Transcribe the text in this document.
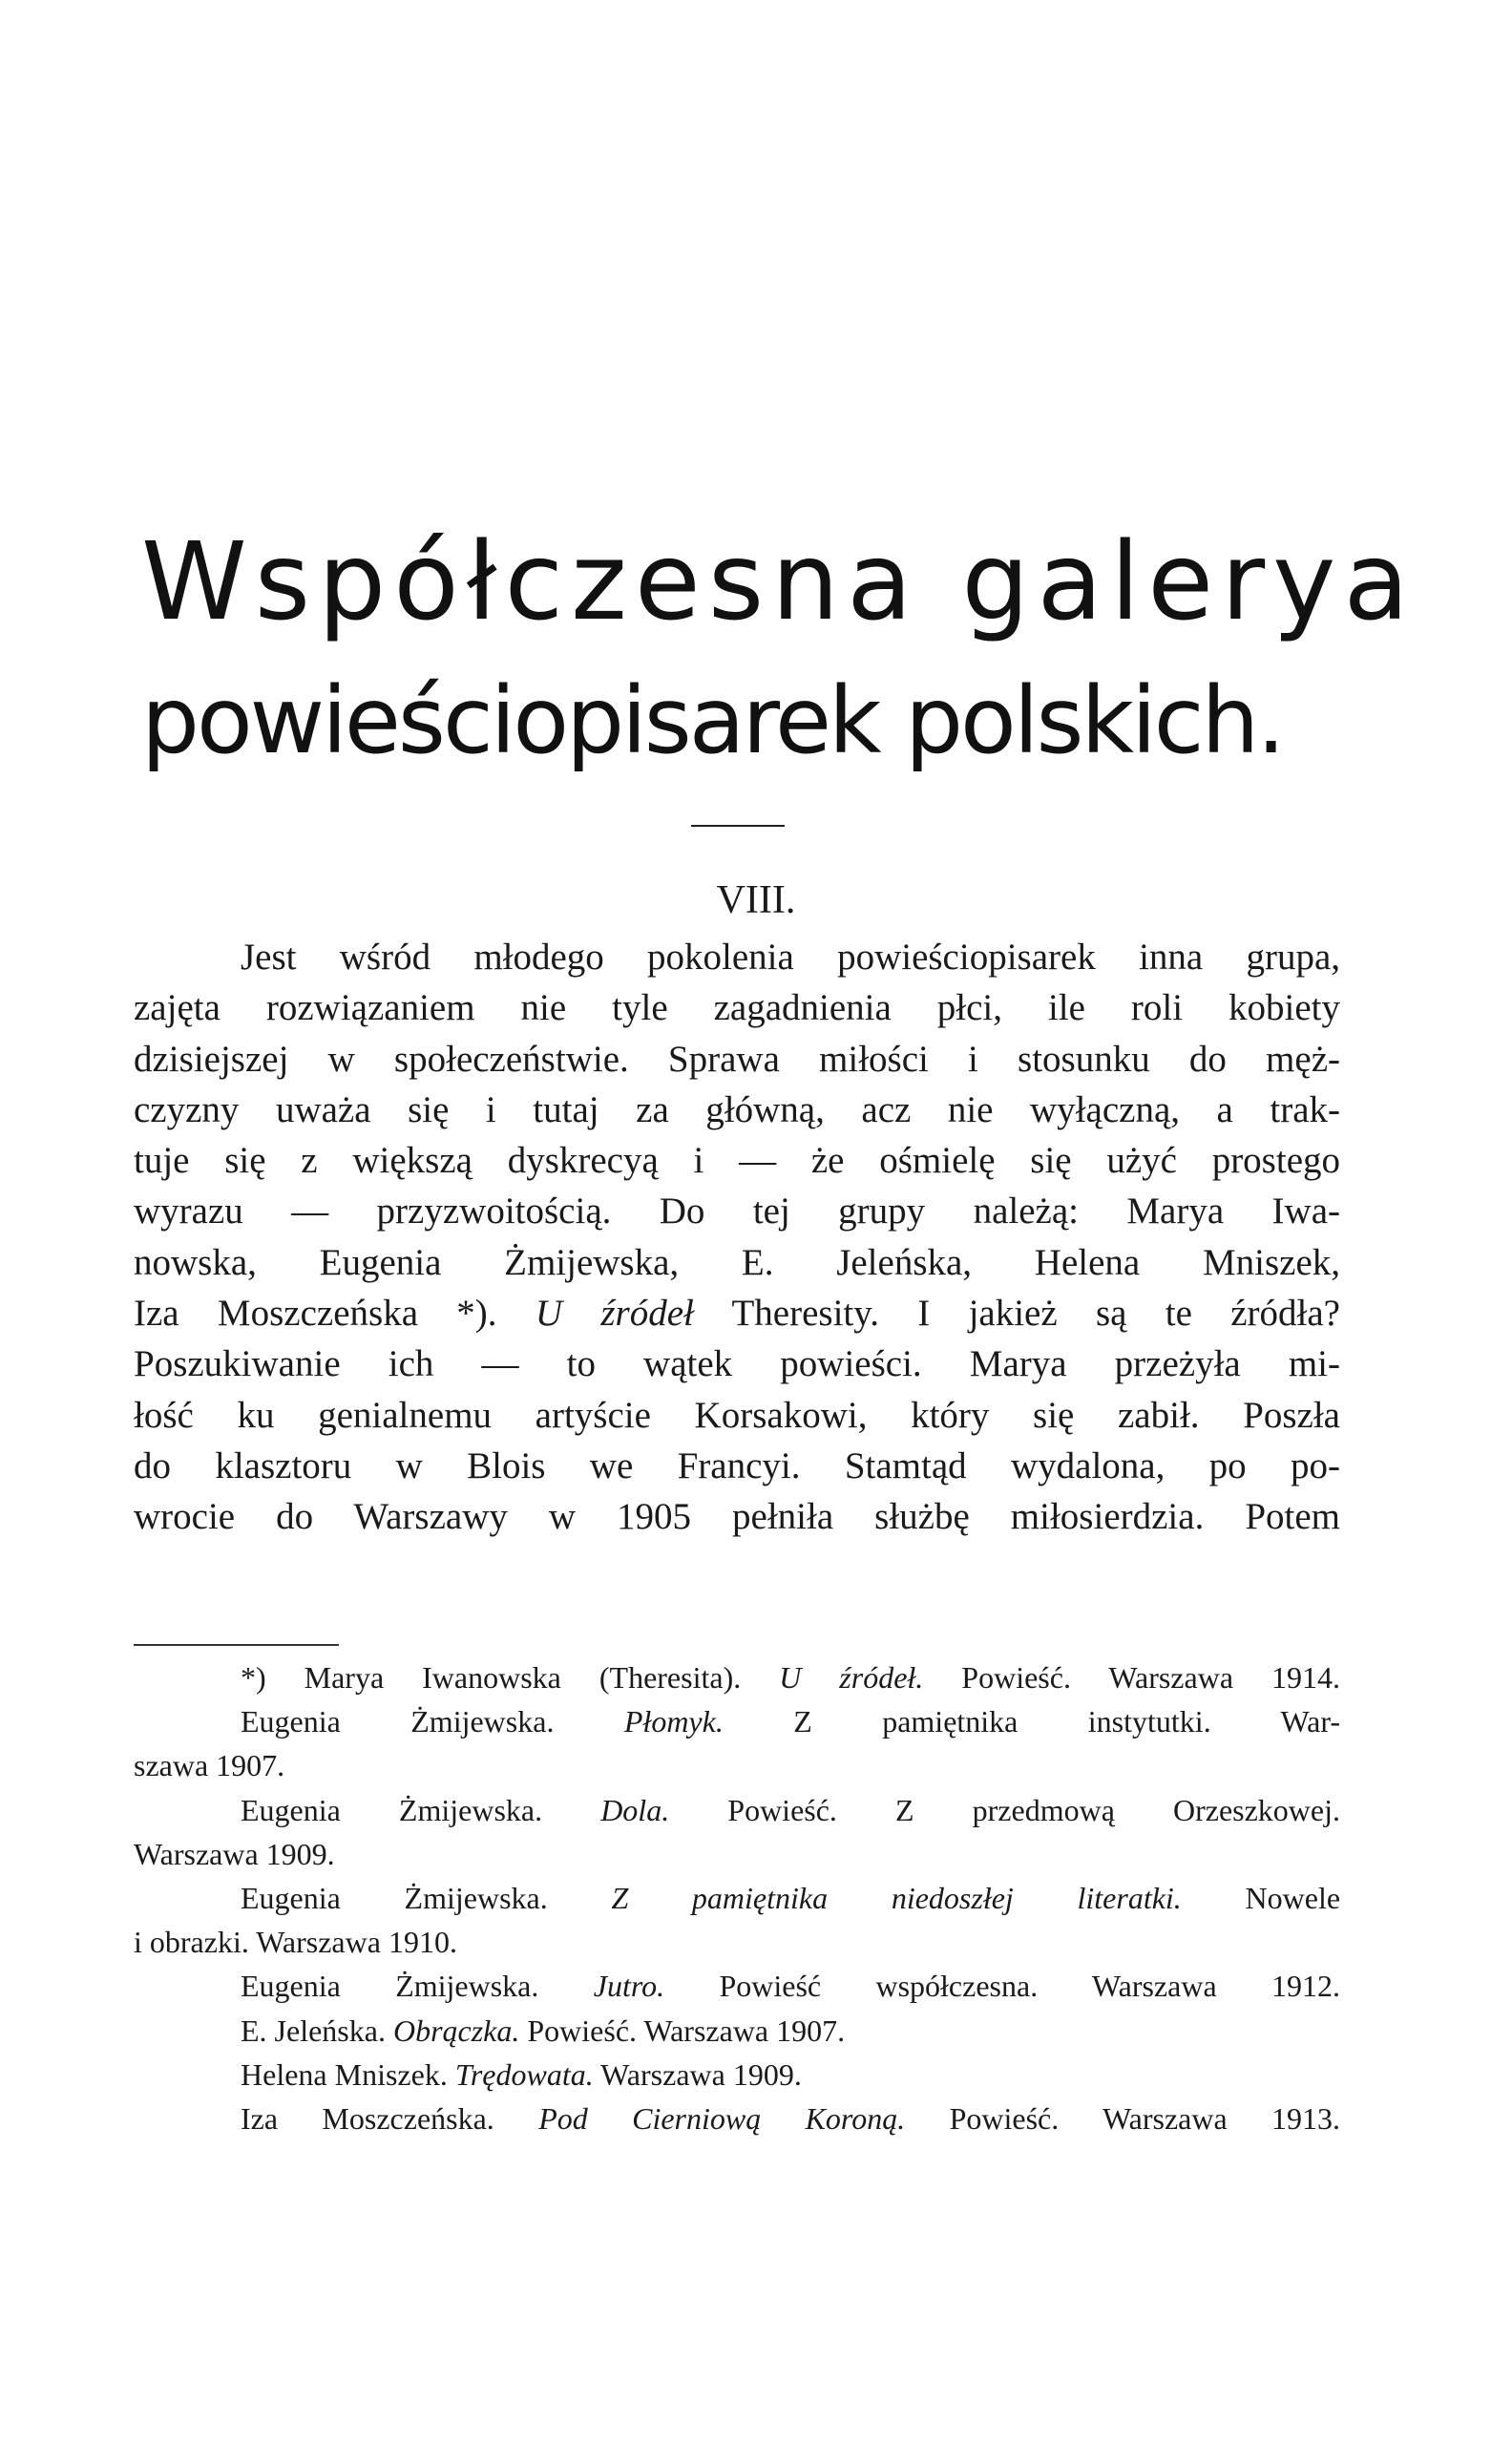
Współczesna galerya
powieściopisarek polskich.
VIII.
Jest wśród młodego pokolenia powieściopisarek inna grupa,
zajęta rozwiązaniem nie tyle zagadnienia płci, ile roli kobiety
dzisiejszej w społeczeństwie. Sprawa miłości i stosunku do męż-
czyzny uważa się i tutaj za główną, acz nie wyłączną, a trak-
tuje się z większą dyskrecyą i — że ośmielę się użyć prostego
wyrazu — przyzwoitością. Do tej grupy należą: Marya Iwa-
nowska, Eugenia Żmijewska, E. Jeleńska, Helena Mniszek,
Iza Moszczeńska *). U źródeł Theresity. I jakież są te źródła?
Poszukiwanie ich — to wątek powieści. Marya przeżyła mi-
łość ku genialnemu artyście Korsakowi, który się zabił. Poszła
do klasztoru w Blois we Francyi. Stamtąd wydalona, po po-
wrocie do Warszawy w 1905 pełniła służbę miłosierdzia. Potem
*) Marya Iwanowska (Theresita). U źródeł. Powieść. Warszawa 1914.
Eugenia Żmijewska. Płomyk. Z pamiętnika instytutki. War-
szawa 1907.
Eugenia Żmijewska. Dola. Powieść. Z przedmową Orzeszkowej.
Warszawa 1909.
Eugenia Żmijewska. Z pamiętnika niedoszłej literatki. Nowele
i obrazki. Warszawa 1910.
Eugenia Żmijewska. Jutro. Powieść współczesna. Warszawa 1912.
E. Jeleńska. Obrączka. Powieść. Warszawa 1907.
Helena Mniszek. Trędowata. Warszawa 1909.
Iza Moszczeńska. Pod Cierniową Koroną. Powieść. Warszawa 1913.
